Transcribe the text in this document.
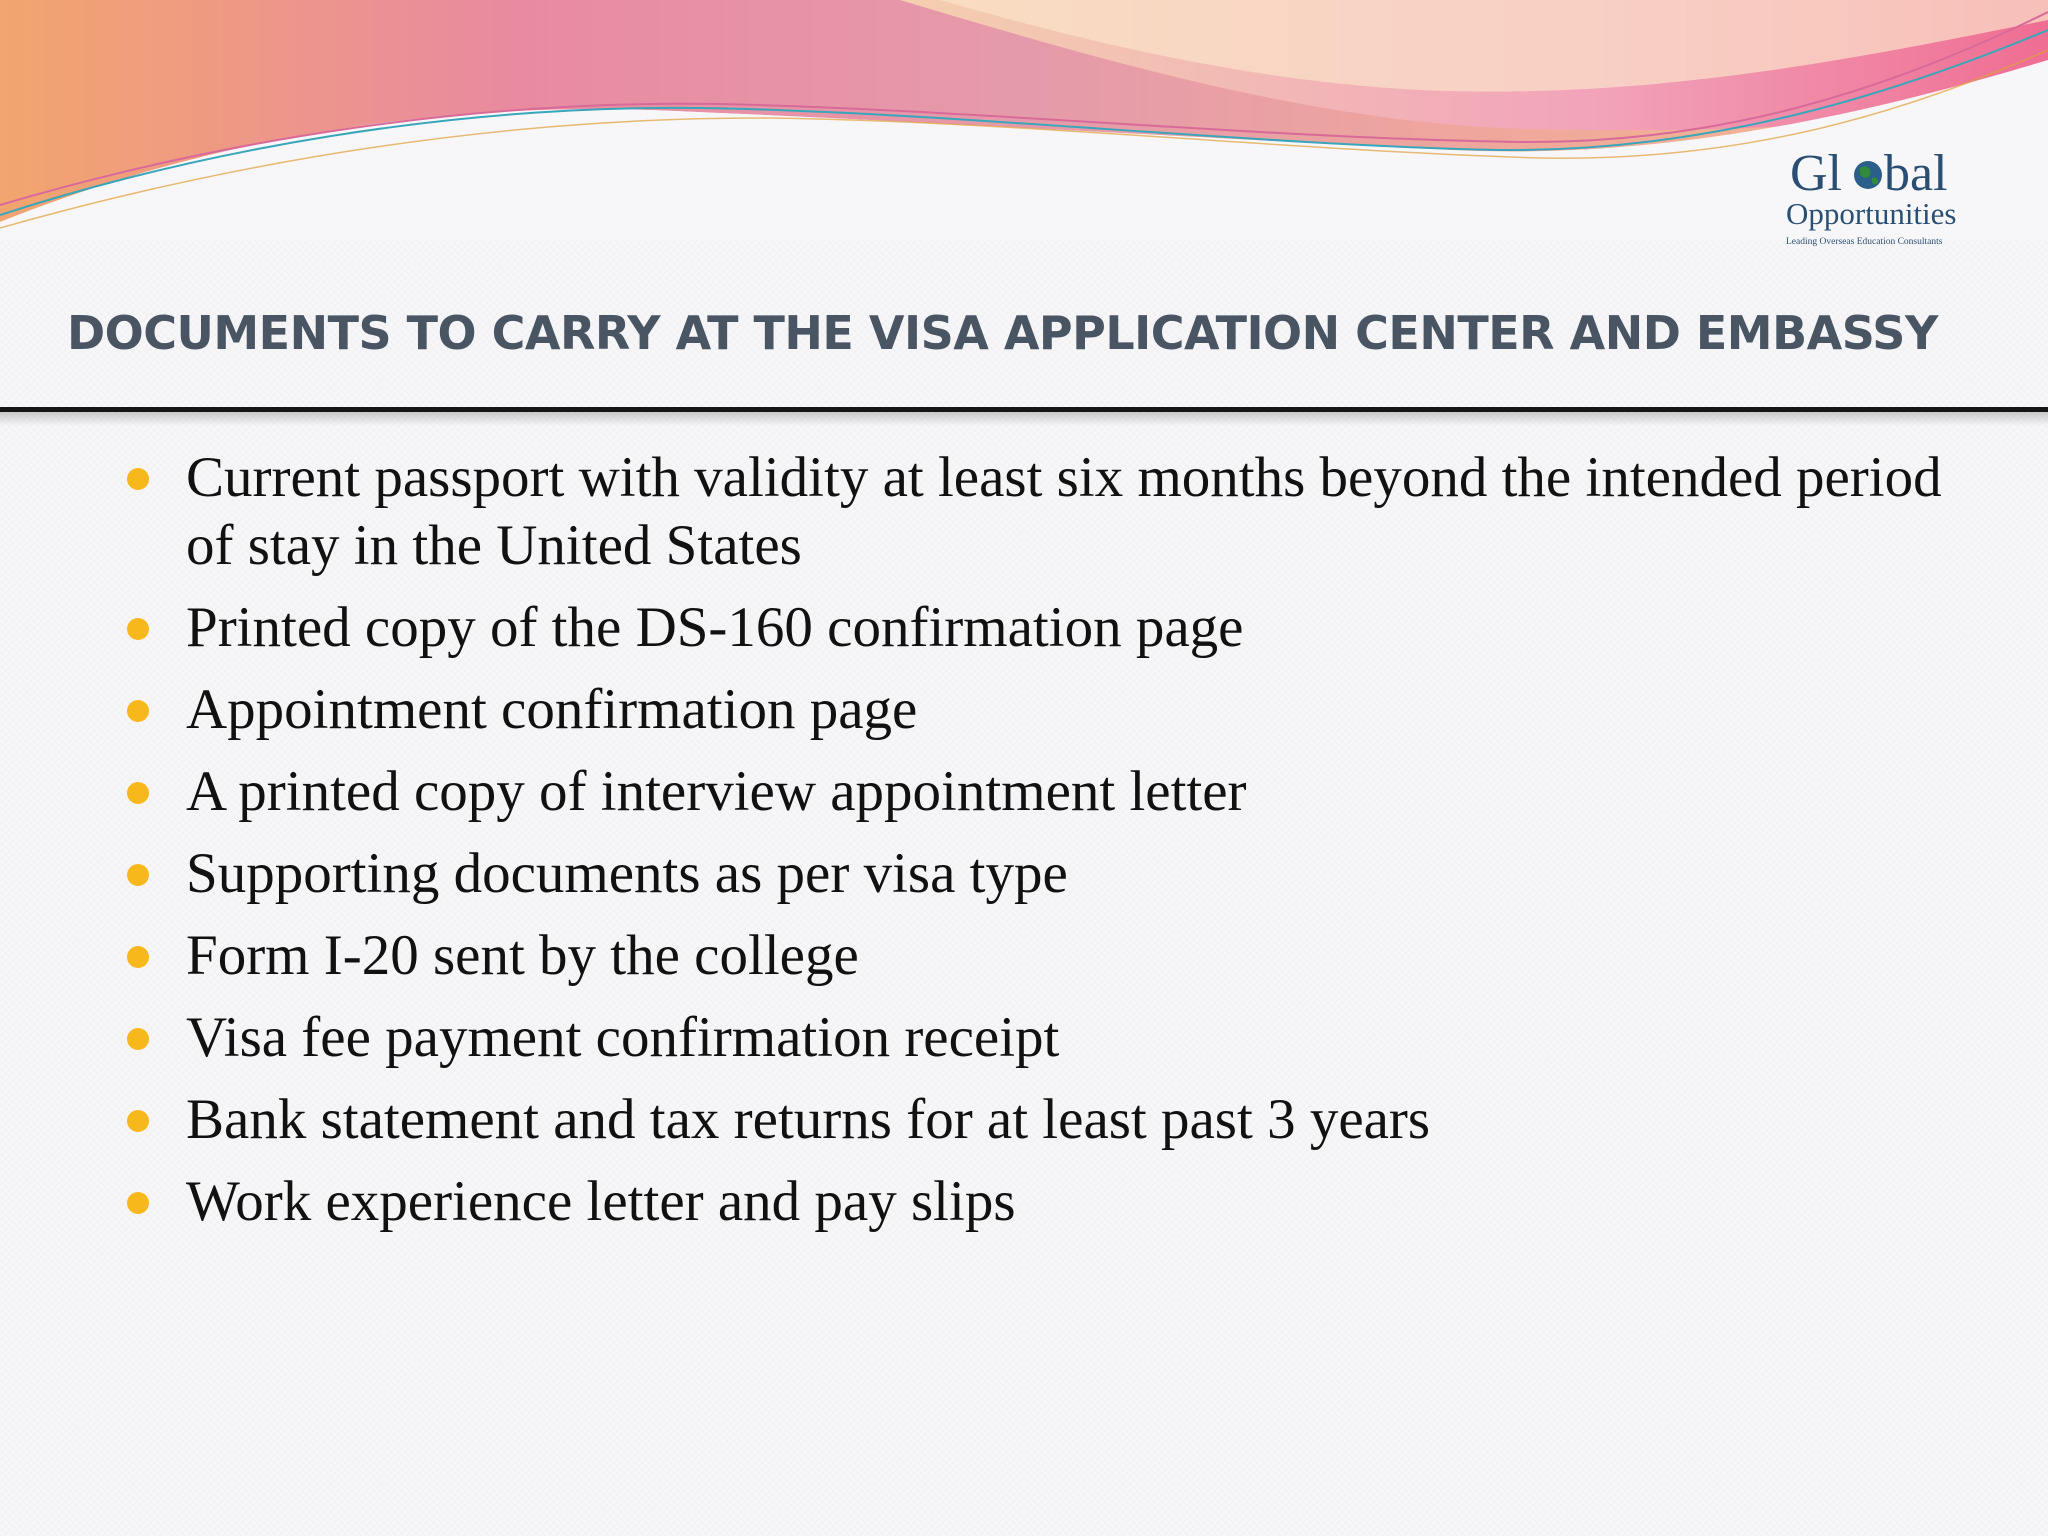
Gl bal
Opportunities
Leading Overseas Education Consultants
DOCUMENTS TO CARRY AT THE VISA APPLICATION CENTER AND EMBASSY
Current passport with validity at least six months beyond the intended period of stay in the United States
Printed copy of the DS-160 confirmation page
Appointment confirmation page
A printed copy of interview appointment letter
Supporting documents as per visa type
Form I-20 sent by the college
Visa fee payment confirmation receipt
Bank statement and tax returns for at least past 3 years
Work experience letter and pay slips
